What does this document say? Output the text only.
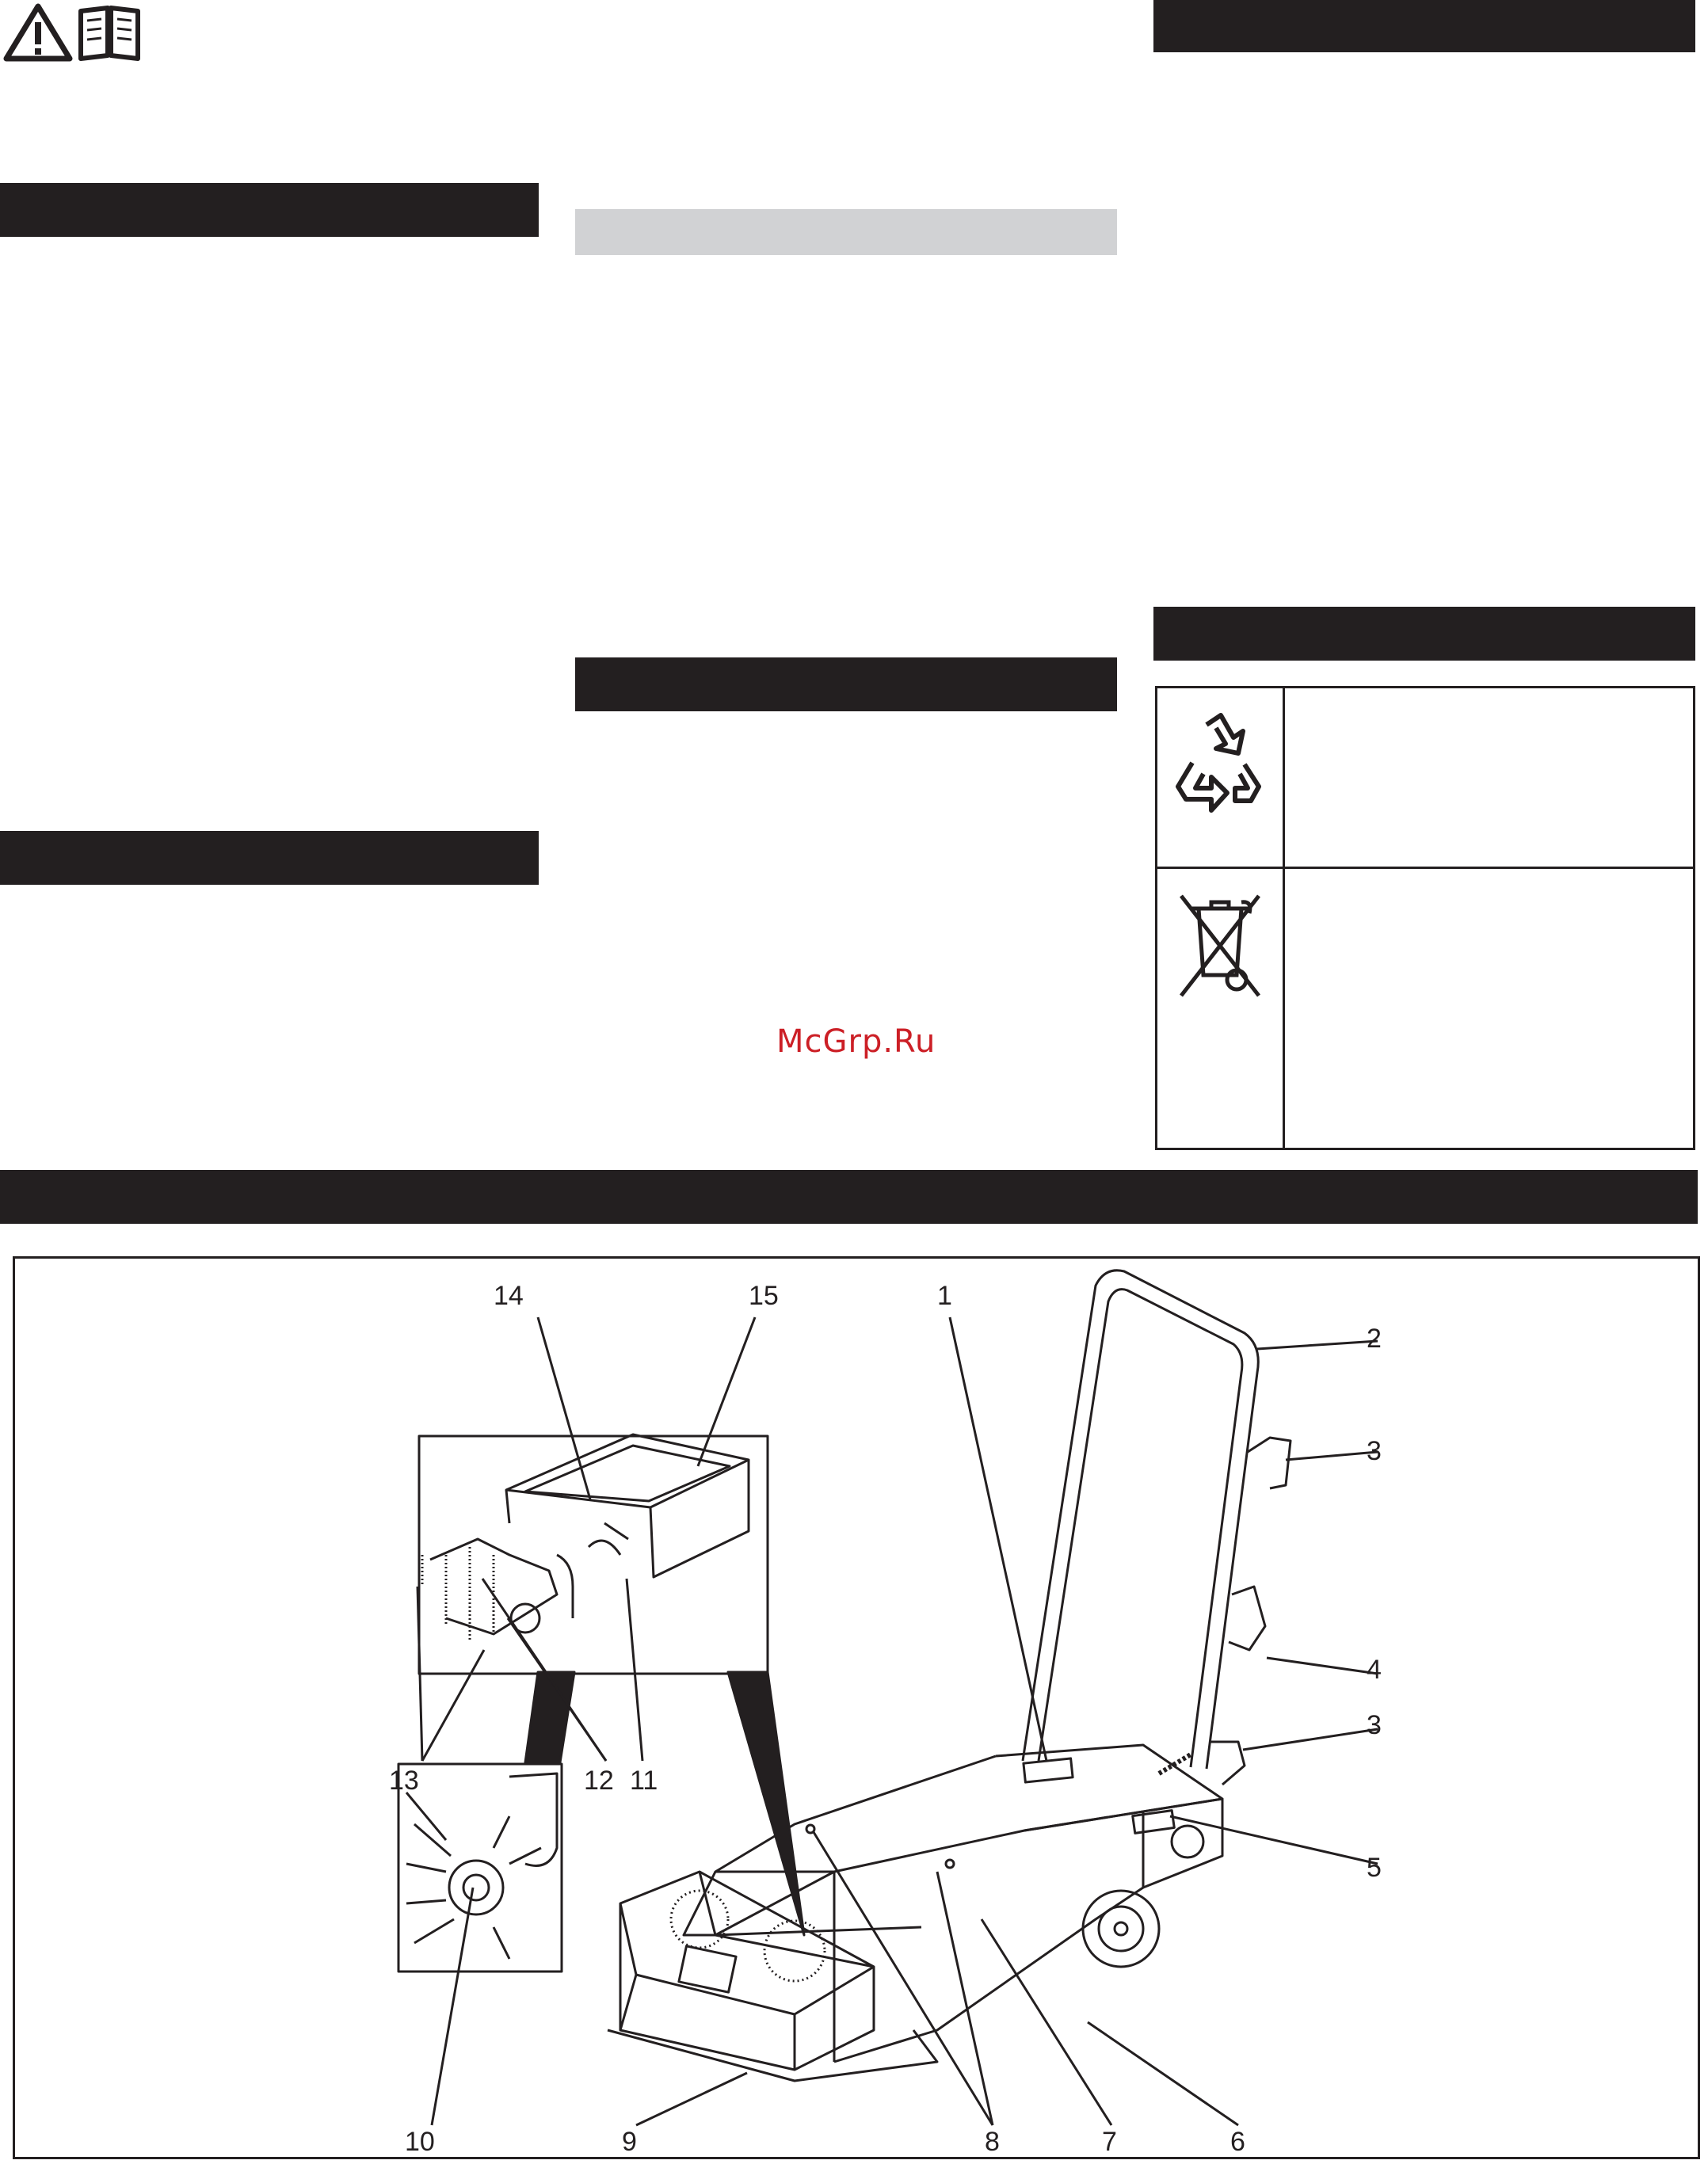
McGrp.Ru
14	15	1
2
3
3
4
5
6
7
8
9
10
11
12
13
